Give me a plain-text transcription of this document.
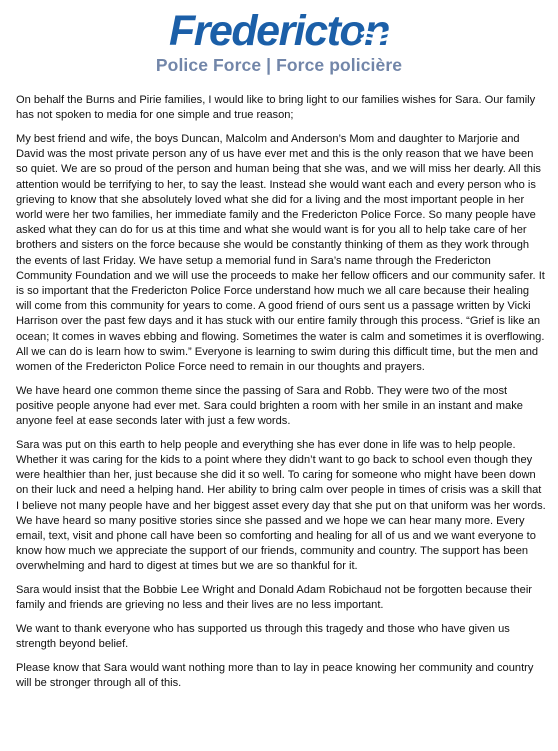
Fredericton
Police Force | Force policière

On behalf the Burns and Pirie families, I would like to bring light to our families wishes for Sara. Our family has not spoken to media for one simple and true reason;

My best friend and wife, the boys Duncan, Malcolm and Anderson’s Mom and daughter to Marjorie and David was the most private person any of us have ever met and this is the only reason that we have been so quiet. We are so proud of the person and human being that she was, and we will miss her dearly. All this attention would be terrifying to her, to say the least. Instead she would want each and every person who is grieving to know that she absolutely loved what she did for a living and the most important people in her world were her two families, her immediate family and the Fredericton Police Force. So many people have asked what they can do for us at this time and what she would want is for you all to help take care of her brothers and sisters on the force because she would be constantly thinking of them as they work through the events of last Friday. We have setup a memorial fund in Sara’s name through the Fredericton Community Foundation and we will use the proceeds to make her fellow officers and our community safer. It is so important that the Fredericton Police Force understand how much we all care because their healing will come from this community for years to come. A good friend of ours sent us a passage written by Vicki Harrison over the past few days and it has stuck with our entire family through this process. “Grief is like an ocean; It comes in waves ebbing and flowing. Sometimes the water is calm and sometimes it is overflowing. All we can do is learn how to swim.” Everyone is learning to swim during this difficult time, but the men and women of the Fredericton Police Force need to remain in our thoughts and prayers.

We have heard one common theme since the passing of Sara and Robb. They were two of the most positive people anyone had ever met. Sara could brighten a room with her smile in an instant and make anyone feel at ease seconds later with just a few words.

Sara was put on this earth to help people and everything she has ever done in life was to help people. Whether it was caring for the kids to a point where they didn’t want to go back to school even though they were healthier than her, just because she did it so well. To caring for someone who might have been down on their luck and need a helping hand. Her ability to bring calm over people in times of crisis was a skill that I believe not many people have and her biggest asset every day that she put on that uniform was her words. We have heard so many positive stories since she passed and we hope we can hear many more. Every email, text, visit and phone call have been so comforting and healing for all of us and we want everyone to know how much we appreciate the support of our friends, community and country. The support has been overwhelming and hard to digest at times but we are so thankful for it.

Sara would insist that the Bobbie Lee Wright and Donald Adam Robichaud not be forgotten because their family and friends are grieving no less and their lives are no less important.

We want to thank everyone who has supported us through this tragedy and those who have given us strength beyond belief.

Please know that Sara would want nothing more than to lay in peace knowing her community and country will be stronger through all of this.
